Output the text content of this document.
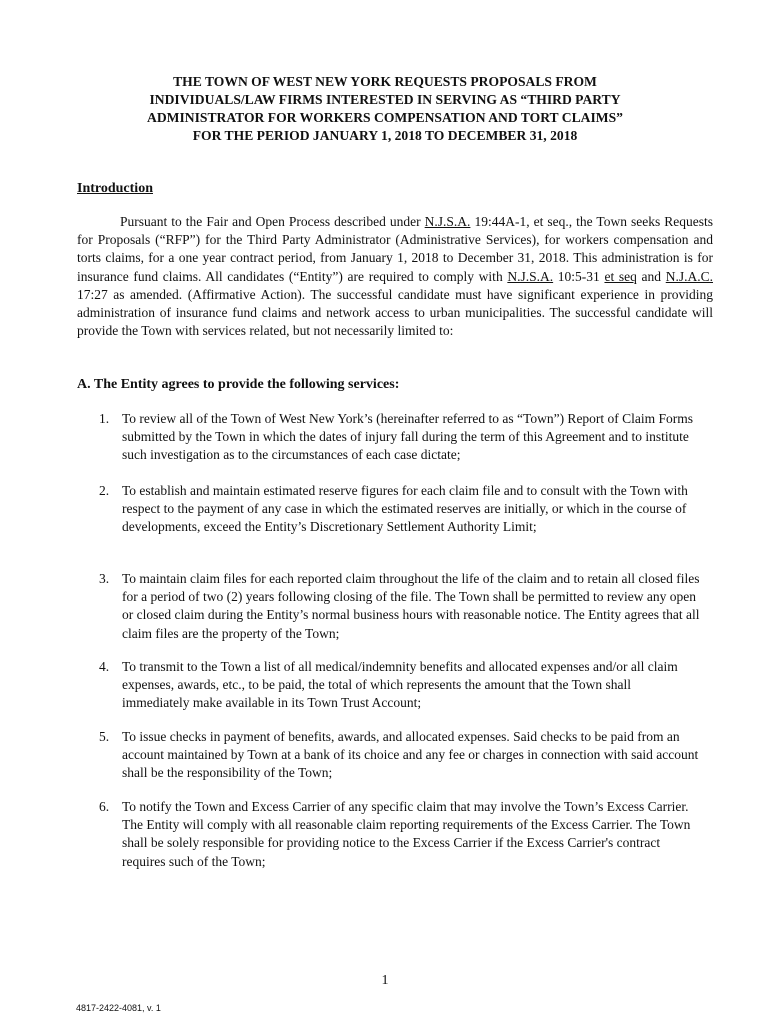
THE TOWN OF WEST NEW YORK REQUESTS PROPOSALS FROM
INDIVIDUALS/LAW FIRMS INTERESTED IN SERVING AS “THIRD PARTY
ADMINISTRATOR FOR WORKERS COMPENSATION AND TORT CLAIMS”
FOR THE PERIOD JANUARY 1, 2018 TO DECEMBER 31, 2018
Introduction
Pursuant to the Fair and Open Process described under N.J.S.A. 19:44A-1, et seq., the Town seeks Requests for Proposals (“RFP”) for the Third Party Administrator (Administrative Services), for workers compensation and torts claims, for a one year contract period, from January 1, 2018 to December 31, 2018. This administration is for insurance fund claims. All candidates (“Entity”) are required to comply with N.J.S.A. 10:5-31 et seq and N.J.A.C. 17:27 as amended. (Affirmative Action). The successful candidate must have significant experience in providing administration of insurance fund claims and network access to urban municipalities. The successful candidate will provide the Town with services related, but not necessarily limited to:
A. The Entity agrees to provide the following services:
1. To review all of the Town of West New York’s (hereinafter referred to as “Town”) Report of Claim Forms submitted by the Town in which the dates of injury fall during the term of this Agreement and to institute such investigation as to the circumstances of each case dictate;
2. To establish and maintain estimated reserve figures for each claim file and to consult with the Town with respect to the payment of any case in which the estimated reserves are initially, or which in the course of developments, exceed the Entity’s Discretionary Settlement Authority Limit;
3. To maintain claim files for each reported claim throughout the life of the claim and to retain all closed files for a period of two (2) years following closing of the file. The Town shall be permitted to review any open or closed claim during the Entity’s normal business hours with reasonable notice. The Entity agrees that all claim files are the property of the Town;
4. To transmit to the Town a list of all medical/indemnity benefits and allocated expenses and/or all claim expenses, awards, etc., to be paid, the total of which represents the amount that the Town shall immediately make available in its Town Trust Account;
5. To issue checks in payment of benefits, awards, and allocated expenses. Said checks to be paid from an account maintained by Town at a bank of its choice and any fee or charges in connection with said account shall be the responsibility of the Town;
6. To notify the Town and Excess Carrier of any specific claim that may involve the Town’s Excess Carrier. The Entity will comply with all reasonable claim reporting requirements of the Excess Carrier. The Town shall be solely responsible for providing notice to the Excess Carrier if the Excess Carrier's contract requires such of the Town;
1
4817-2422-4081, v. 1
